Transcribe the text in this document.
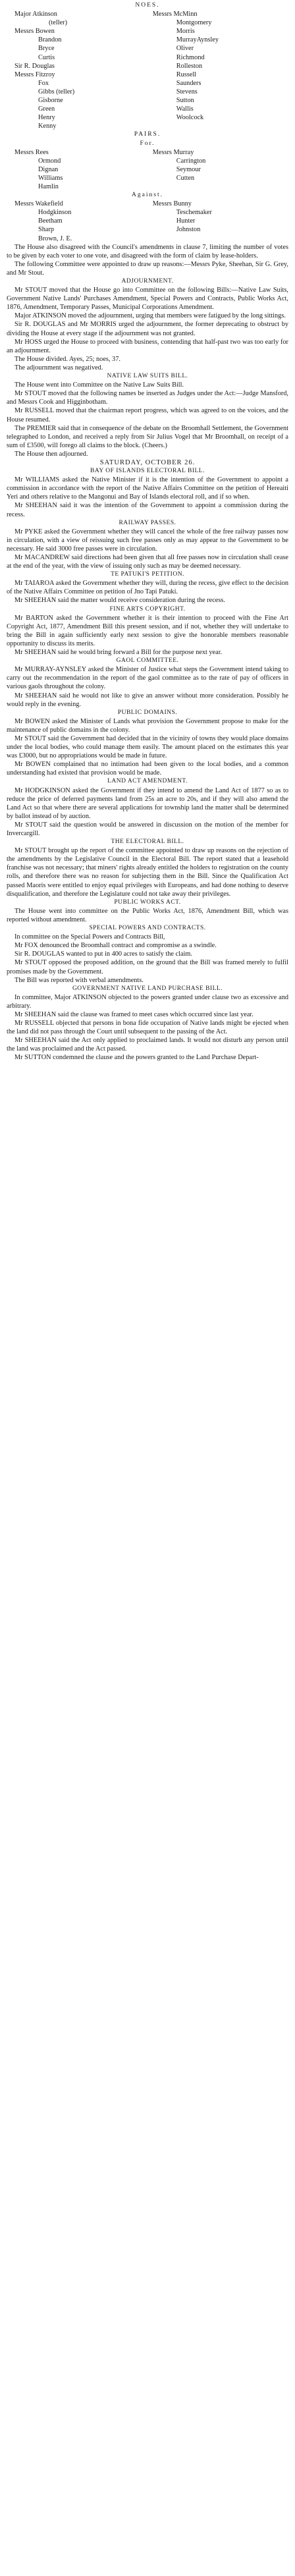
NOES.
Major Atkinson
(teller)
Messrs Bowen
Brandon
Bryce
Curtis
Sir R. Douglas
Messrs Fitzroy
Fox
Gibbs (teller)
Gisborne
Green
Henry
Kenny
Messrs McMinn
Montgomery
Morris
MurrayAynsley
Oliver
Richmond
Rolleston
Russell
Saunders
Stevens
Sutton
Wallis
Woolcock
PAIRS.
For.
Messrs Rees
Ormond
Dignan
Williams
Hamlin
Messrs Murray
Carrington
Seymour
Cutten
Against.
Messrs Wakefield
Hodgkinson
Beetham
Sharp
Brown, J. E.
Messrs Bunny
Teschemaker
Hunter
Johnston

The House also disagreed with the Council's amendments in clause 7, limiting the number of votes to be given by each voter to one vote, and disagreed with the form of claim by lease-holders.

The following Committee were appointed to draw up reasons:—Messrs Pyke, Sheehan, Sir G. Grey, and Mr Stout.

ADJOURNMENT.

Mr STOUT moved that the House go into Committee on the following Bills:—Native Law Suits, Government Native Lands' Purchases Amendment, Special Powers and Contracts, Public Works Act, 1876, Amendment, Temporary Passes, Municipal Corporations Amendment.

Major ATKINSON moved the adjournment, urging that members were fatigued by the long sittings.

Sir R. DOUGLAS and Mr MORRIS urged the adjournment, the former deprecating to obstruct by dividing the House at every stage if the adjournment was not granted.

Mr HOSS urged the House to proceed with business, contending that half-past two was too early for an adjournment.

The House divided. Ayes, 25; noes, 37.

The adjournment was negatived.

NATIVE LAW SUITS BILL.

The House went into Committee on the Native Law Suits Bill.

Mr STOUT moved that the following names be inserted as Judges under the Act:—Judge Mansford, and Messrs Cook and Higginbotham.

Mr RUSSELL moved that the chairman report progress, which was agreed to on the voices, and the House resumed.

The PREMIER said that in consequence of the debate on the Broomhall Settlement, the Government telegraphed to London, and received a reply from Sir Julius Vogel that Mr Broomhall, on receipt of a sum of £3500, will forego all claims to the block. (Cheers.)

The House then adjourned.

SATURDAY, OCTOBER 26.
BAY OF ISLANDS ELECTORAL BILL.

Mr WILLIAMS asked the Native Minister if it is the intention of the Government to appoint a commission in accordance with the report of the Native Affairs Committee on the petition of Hereaiti Yeri and others relative to the Mangonui and Bay of Islands electoral roll, and if so when.

Mr SHEEHAN said it was the intention of the Government to appoint a commission during the recess.

RAILWAY PASSES.

Mr PYKE asked the Government whether they will cancel the whole of the free railway passes now in circulation, with a view of reissuing such free passes only as may appear to the Government to be necessary. He said 3000 free passes were in circulation.

Mr MACANDREW said directions had been given that all free passes now in circulation shall cease at the end of the year, with the view of issuing only such as may be deemed necessary.

TE PATUKI'S PETITION.

Mr TAIAROA asked the Government whether they will, during the recess, give effect to the decision of the Native Affairs Committee on petition of Jno Tapi Patuki.

Mr SHEEHAN said the matter would receive consideration during the recess.

FINE ARTS COPYRIGHT.

Mr BARTON asked the Government whether it is their intention to proceed with the Fine Art Copyright Act, 1877, Amendment Bill this present session, and if not, whether they will undertake to bring the Bill in again sufficiently early next session to give the honorable members reasonable opportunity to discuss its merits.

Mr SHEEHAN said he would bring forward a Bill for the purpose next year.

GAOL COMMITTEE.

Mr MURRAY-AYNSLEY asked the Minister of Justice what steps the Government intend taking to carry out the recommendation in the report of the gaol committee as to the rate of pay of officers in various gaols throughout the colony.

Mr SHEEHAN said he would not like to give an answer without more consideration. Possibly he would reply in the evening.

PUBLIC DOMAINS.

Mr BOWEN asked the Minister of Lands what provision the Government propose to make for the maintenance of public domains in the colony.

Mr STOUT said the Government had decided that in the vicinity of towns they would place domains under the local bodies, who could manage them easily. The amount placed on the estimates this year was £3000, but no appropriations would be made in future.

Mr BOWEN complained that no intimation had been given to the local bodies, and a common understanding had existed that provision would be made.

LAND ACT AMENDMENT.

Mr HODGKINSON asked the Government if they intend to amend the Land Act of 1877 so as to reduce the price of deferred payments land from 25s an acre to 20s, and if they will also amend the Land Act so that where there are several applications for township land the matter shall be determined by ballot instead of by auction.

Mr STOUT said the question would be answered in discussion on the motion of the member for Invercargill.

THE ELECTORAL BILL.

Mr STOUT brought up the report of the committee appointed to draw up reasons on the rejection of the amendments by the Legislative Council in the Electoral Bill. The report stated that a leasehold franchise was not necessary; that miners' rights already entitled the holders to registration on the county rolls, and therefore there was no reason for subjecting them in the Bill. Since the Qualification Act passed Maoris were entitled to enjoy equal privileges with Europeans, and had done nothing to deserve disqualification, and therefore the Legislature could not take away their privileges.

PUBLIC WORKS ACT.

The House went into committee on the Public Works Act, 1876, Amendment Bill, which was reported without amendment.

SPECIAL POWERS AND CONTRACTS.

In committee on the Special Powers and Contracts Bill,

Mr FOX denounced the Broomhall contract and compromise as a swindle.

Sir R. DOUGLAS wanted to put in 400 acres to satisfy the claim.

Mr STOUT opposed the proposed addition, on the ground that the Bill was framed merely to fulfil promises made by the Government.

The Bill was reported with verbal amendments.

GOVERNMENT NATIVE LAND PURCHASE BILL.

In committee, Major ATKINSON objected to the powers granted under clause two as excessive and arbitrary.

Mr SHEEHAN said the clause was framed to meet cases which occurred since last year.

Mr RUSSELL objected that persons in bona fide occupation of Native lands might be ejected when the land did not pass through the Court until subsequent to the passing of the Act.

Mr SHEEHAN said the Act only applied to proclaimed lands. It would not disturb any person until the land was proclaimed and the Act passed.

Mr SUTTON condemned the clause and the powers granted to the Land Purchase Depart-
